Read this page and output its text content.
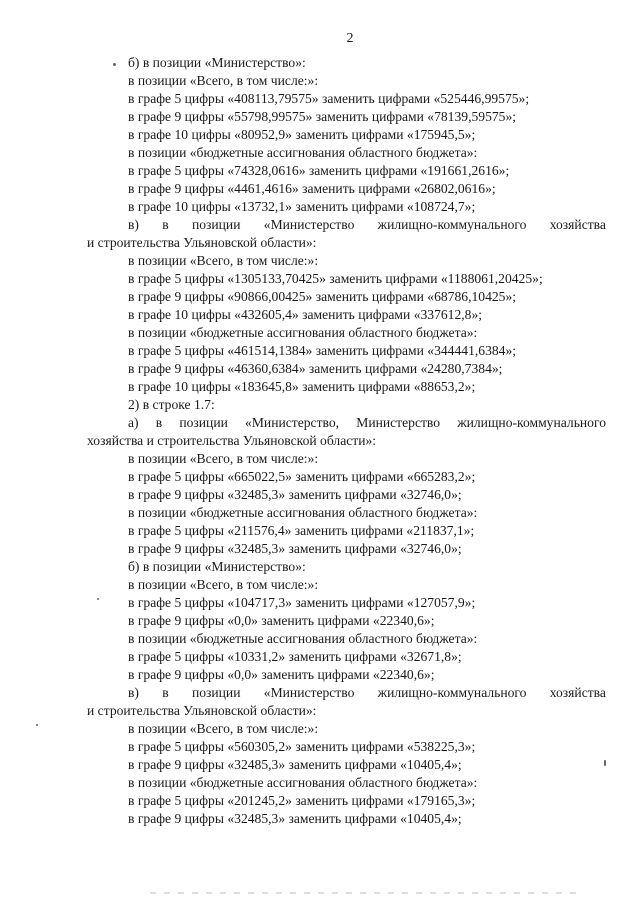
2
б) в позиции «Министерство»:
в позиции «Всего, в том числе:»:
в графе 5 цифры «408113,79575» заменить цифрами «525446,99575»;
в графе 9 цифры «55798,99575» заменить цифрами «78139,59575»;
в графе 10 цифры «80952,9» заменить цифрами «175945,5»;
в позиции «бюджетные ассигнования областного бюджета»:
в графе 5 цифры «74328,0616» заменить цифрами «191661,2616»;
в графе 9 цифры «4461,4616» заменить цифрами «26802,0616»;
в графе 10 цифры «13732,1» заменить цифрами «108724,7»;
в) в позиции «Министерство жилищно-коммунального хозяйства
и строительства Ульяновской области»:
в позиции «Всего, в том числе:»:
в графе 5 цифры «1305133,70425» заменить цифрами «1188061,20425»;
в графе 9 цифры «90866,00425» заменить цифрами «68786,10425»;
в графе 10 цифры «432605,4» заменить цифрами «337612,8»;
в позиции «бюджетные ассигнования областного бюджета»:
в графе 5 цифры «461514,1384» заменить цифрами «344441,6384»;
в графе 9 цифры «46360,6384» заменить цифрами «24280,7384»;
в графе 10 цифры «183645,8» заменить цифрами «88653,2»;
2) в строке 1.7:
а) в позиции «Министерство, Министерство жилищно-коммунального
хозяйства и строительства Ульяновской области»:
в позиции «Всего, в том числе:»:
в графе 5 цифры «665022,5» заменить цифрами «665283,2»;
в графе 9 цифры «32485,3» заменить цифрами «32746,0»;
в позиции «бюджетные ассигнования областного бюджета»:
в графе 5 цифры «211576,4» заменить цифрами «211837,1»;
в графе 9 цифры «32485,3» заменить цифрами «32746,0»;
б) в позиции «Министерство»:
в позиции «Всего, в том числе:»:
в графе 5 цифры «104717,3» заменить цифрами «127057,9»;
в графе 9 цифры «0,0» заменить цифрами «22340,6»;
в позиции «бюджетные ассигнования областного бюджета»:
в графе 5 цифры «10331,2» заменить цифрами «32671,8»;
в графе 9 цифры «0,0» заменить цифрами «22340,6»;
в) в позиции «Министерство жилищно-коммунального хозяйства
и строительства Ульяновской области»:
в позиции «Всего, в том числе:»:
в графе 5 цифры «560305,2» заменить цифрами «538225,3»;
в графе 9 цифры «32485,3» заменить цифрами «10405,4»;
в позиции «бюджетные ассигнования областного бюджета»:
в графе 5 цифры «201245,2» заменить цифрами «179165,3»;
в графе 9 цифры «32485,3» заменить цифрами «10405,4»;
